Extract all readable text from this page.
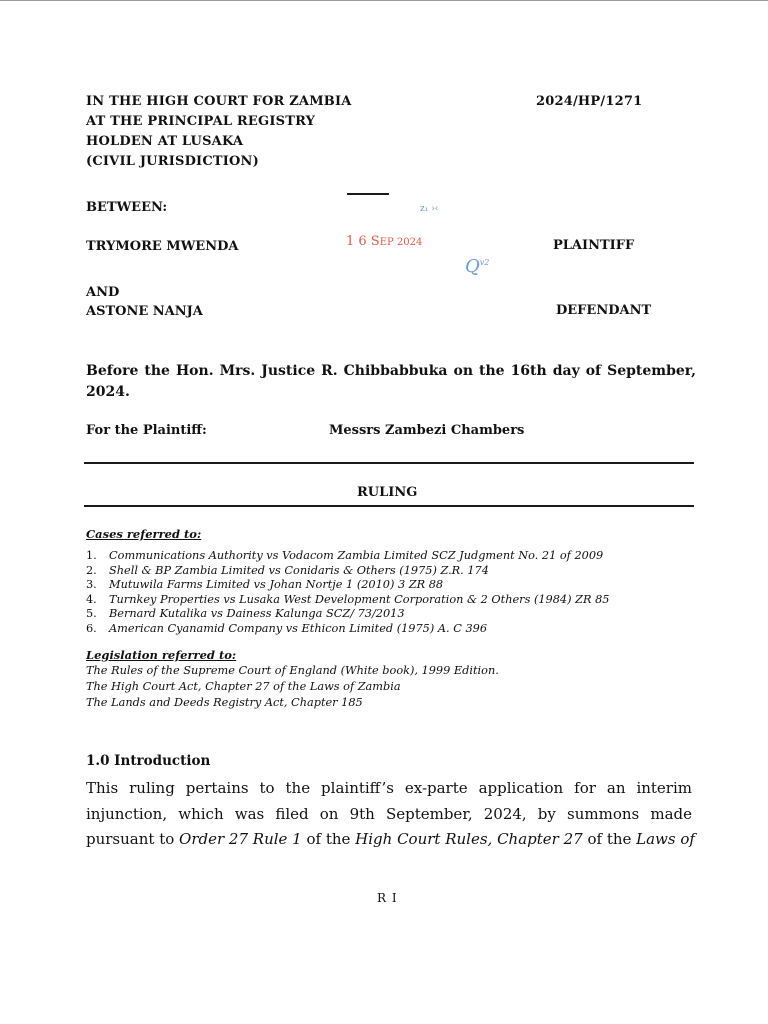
IN THE HIGH COURT FOR ZAMBIA
AT THE PRINCIPAL REGISTRY
HOLDEN AT LUSAKA
(CIVIL JURISDICTION)
2024/HP/1271
BETWEEN:	z₁ ›‹
1 6 SEP 2024
$Q^{v2}$
TRYMORE MWENDA	PLAINTIFF
AND
ASTONE NANJA	DEFENDANT
Before the Hon. Mrs. Justice R. Chibbabbuka on the 16th day of September, 2024.
For the Plaintiff:	Messrs Zambezi Chambers
RULING
Cases referred to:
1.	Communications Authority vs Vodacom Zambia Limited SCZ Judgment No. 21 of 2009
2.	Shell & BP Zambia Limited vs Conidaris & Others (1975) Z.R. 174
3.	Mutuwila Farms Limited vs Johan Nortje 1 (2010) 3 ZR 88
4.	Turnkey Properties vs Lusaka West Development Corporation & 2 Others (1984) ZR 85
5.	Bernard Kutalika vs Dainess Kalunga SCZ/ 73/2013
6.	American Cyanamid Company vs Ethicon Limited (1975) A. C 396
Legislation referred to:
The Rules of the Supreme Court of England (White book), 1999 Edition.
The High Court Act, Chapter 27 of the Laws of Zambia
The Lands and Deeds Registry Act, Chapter 185
1.0 Introduction
This ruling pertains to the plaintiff’s ex-parte application for an interim
injunction, which was filed on 9th September, 2024, by summons made
pursuant to Order 27 Rule 1 of the High Court Rules, Chapter 27 of the Laws of
R I
